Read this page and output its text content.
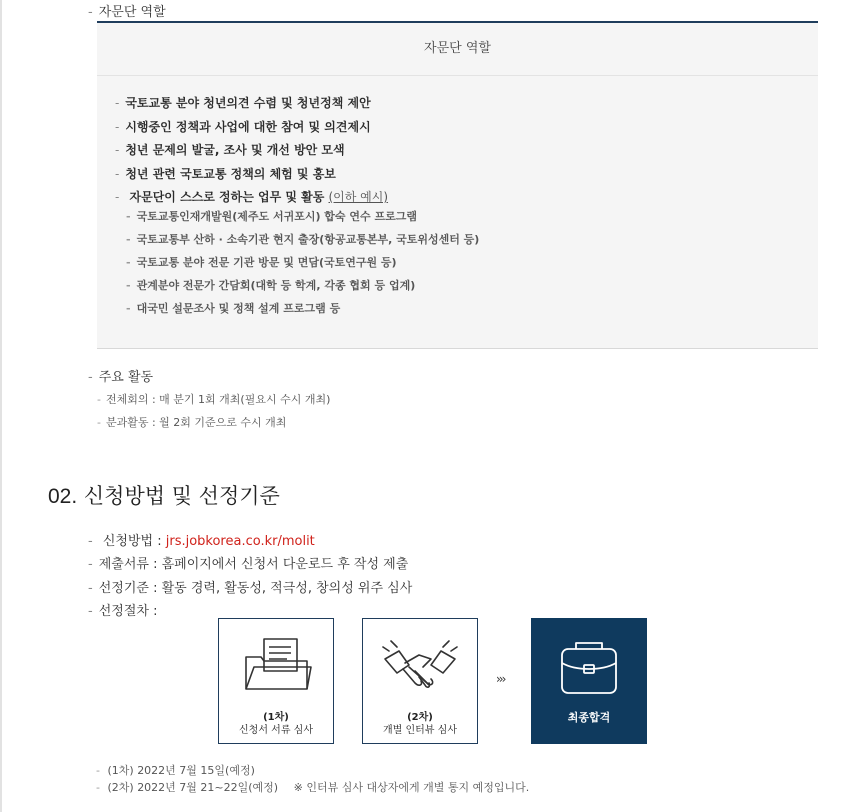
- 자문단 역할
자문단 역할
- 국토교통 분야 청년의견 수렴 및 청년정책 제안
- 시행중인 정책과 사업에 대한 참여 및 의견제시
- 청년 문제의 발굴, 조사 및 개선 방안 모색
- 청년 관련 국토교통 정책의 체험 및 홍보
- 자문단이 스스로 정하는 업무 및 활동 (이하 예시)
- 국토교통인재개발원(제주도 서귀포시) 합숙 연수 프로그램
- 국토교통부 산하 · 소속기관 현지 출장(항공교통본부, 국토위성센터 등)
- 국토교통 분야 전문 기관 방문 및 면담(국토연구원 등)
- 관계분야 전문가 간담회(대학 등 학계, 각종 협회 등 업계)
- 대국민 설문조사 및 정책 설계 프로그램 등
- 주요 활동
- 전체회의 : 매 분기 1회 개최(필요시 수시 개최)
- 분과활동 : 월 2회 기준으로 수시 개최
02. 신청방법 및 선정기준
- 신청방법 : jrs.jobkorea.co.kr/molit
- 제출서류 : 홈페이지에서 신청서 다운로드 후 작성 제출
- 선정기준 : 활동 경력, 활동성, 적극성, 창의성 위주 심사
- 선정절차 :
(1차)
신청서 서류 심사
(2차)
개별 인터뷰 심사
›››
최종합격
- (1차) 2022년 7월 15일(예정)
- (2차) 2022년 7월 21~22일(예정) ※ 인터뷰 심사 대상자에게 개별 통지 예정입니다.
